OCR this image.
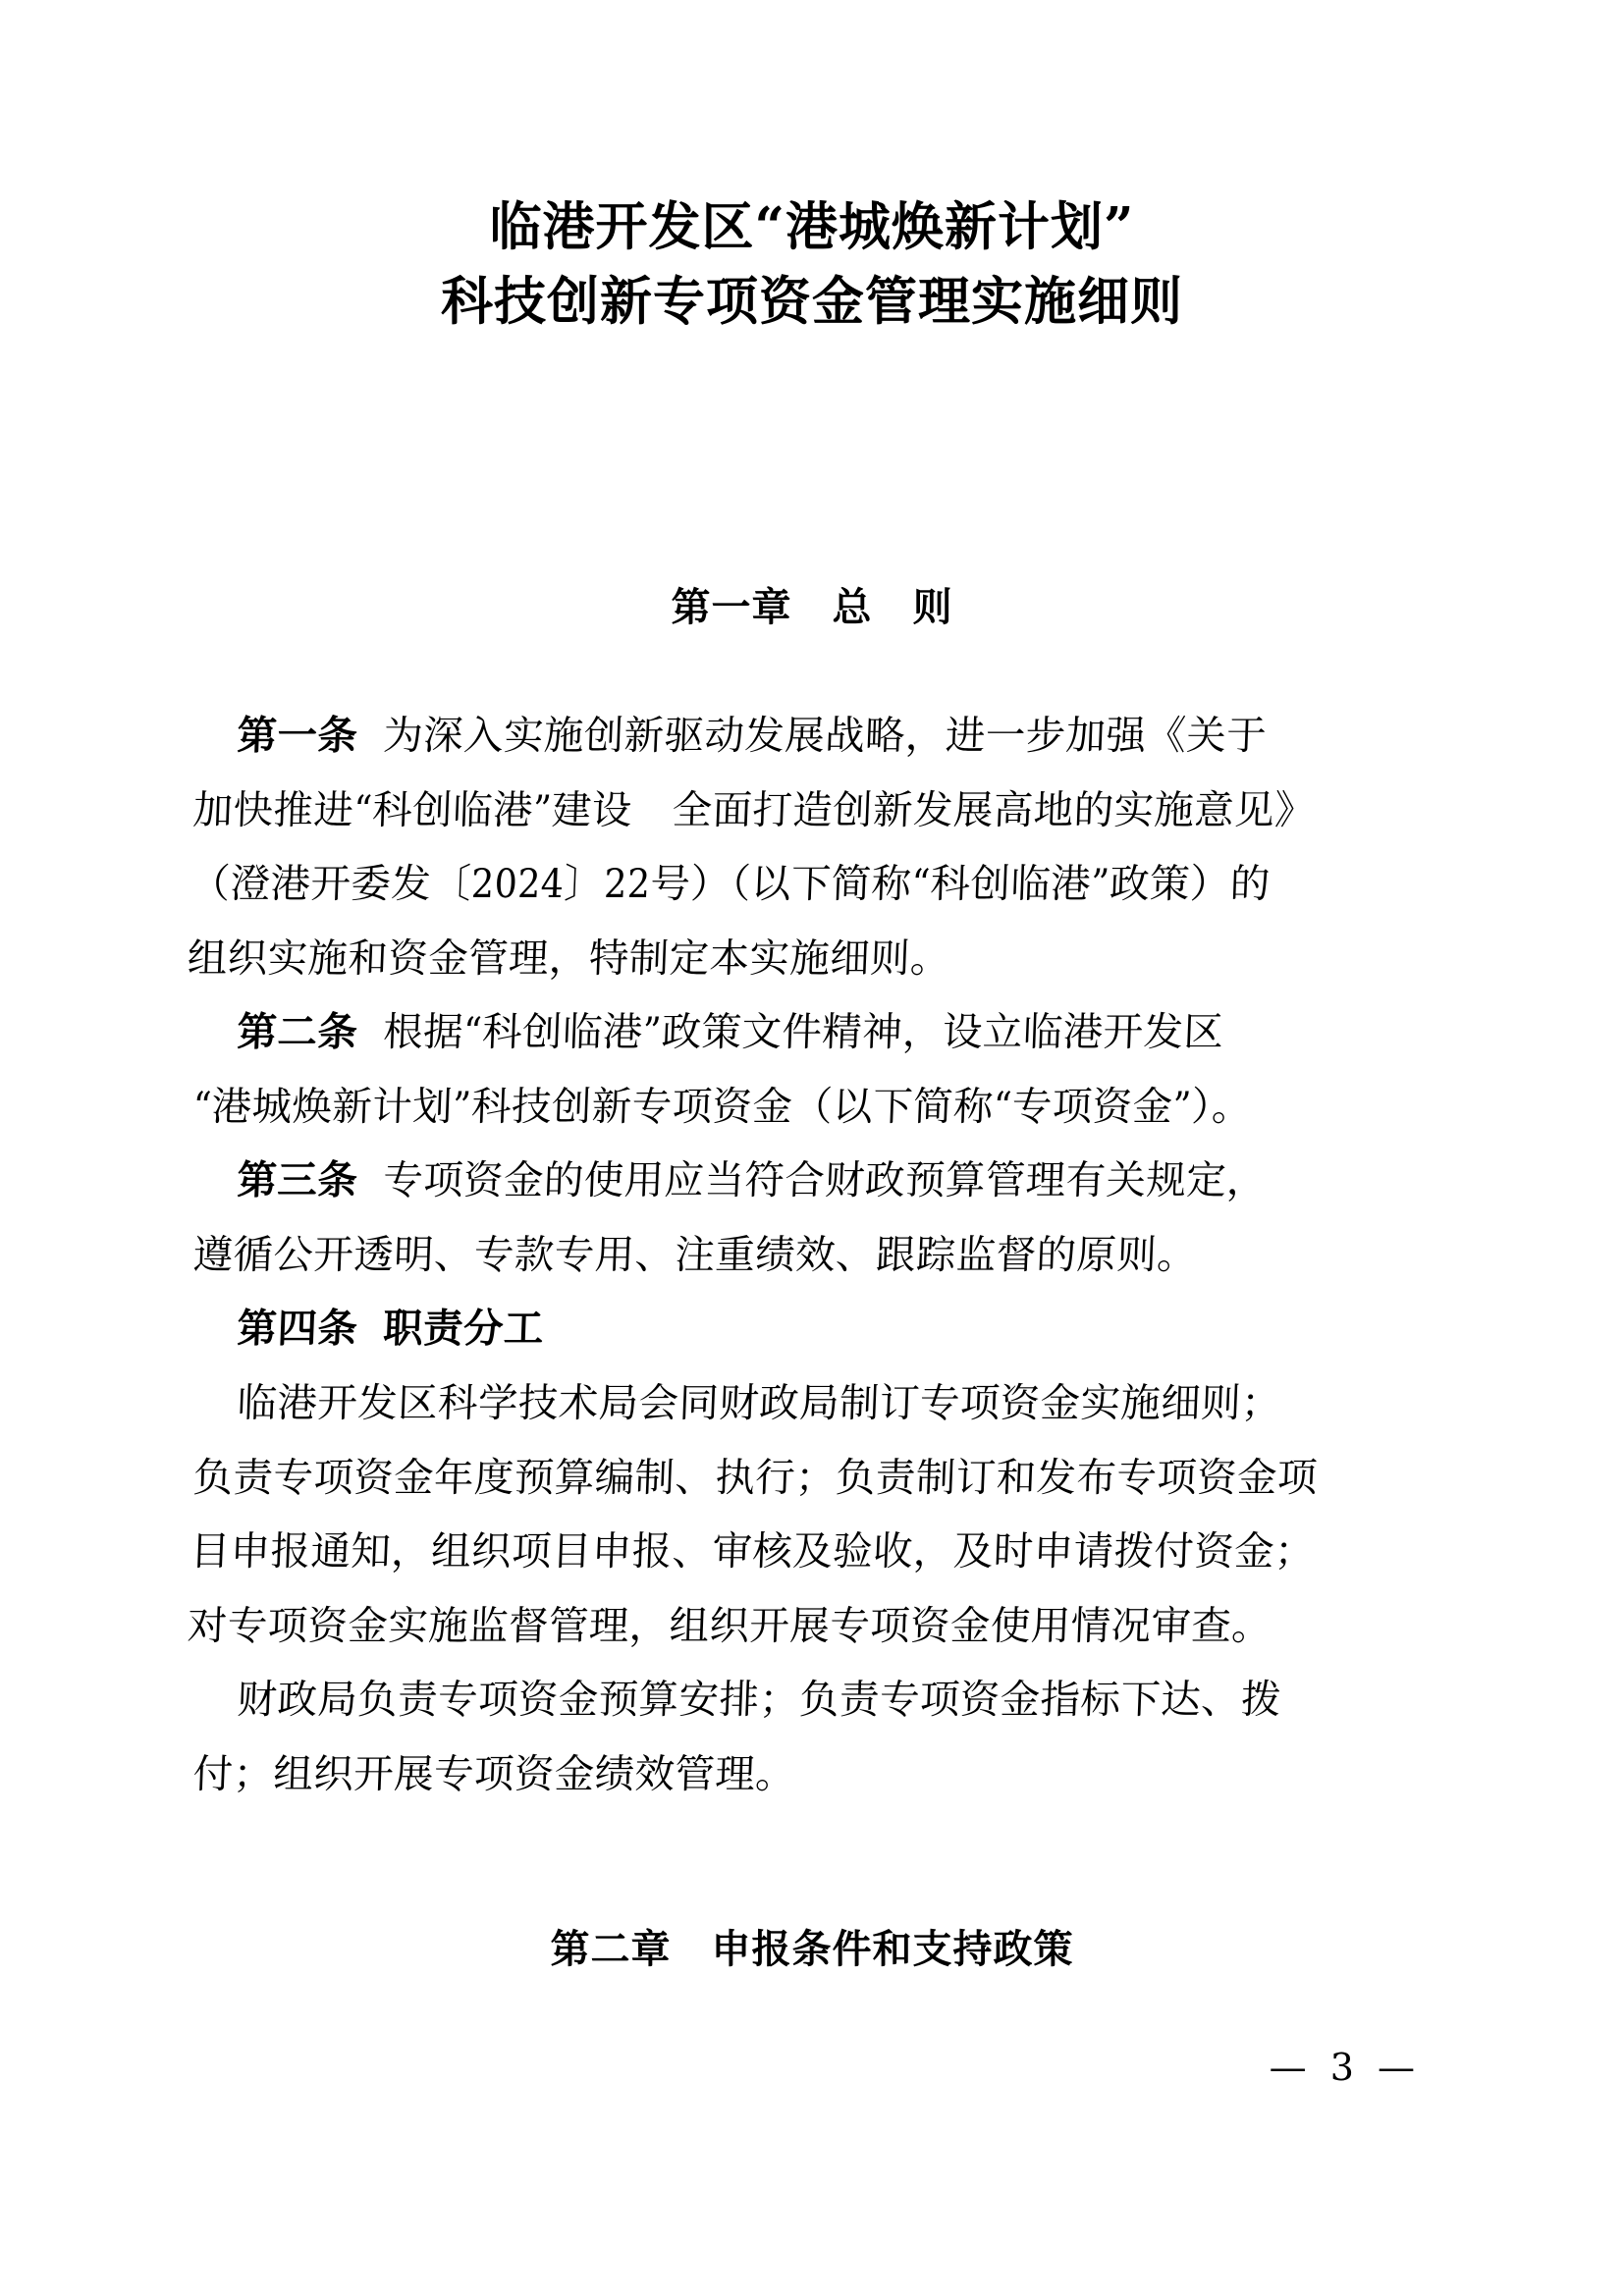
临港开发区“港城焕新计划”
科技创新专项资金管理实施细则
第一章　总　则

第一条 为深入实施创新驱动发展战略，进一步加强《关于
加快推进“科创临港”建设　全面打造创新发展高地的实施意见》
（澄港开委发〔2024〕22号）（以下简称“科创临港”政策）的
组织实施和资金管理，特制定本实施细则。

第二条 根据“科创临港”政策文件精神，设立临港开发区
“港城焕新计划”科技创新专项资金（以下简称“专项资金”）。

第三条 专项资金的使用应当符合财政预算管理有关规定，
遵循公开透明、专款专用、注重绩效、跟踪监督的原则。

第四条 职责分工

临港开发区科学技术局会同财政局制订专项资金实施细则；
负责专项资金年度预算编制、执行；负责制订和发布专项资金项
目申报通知，组织项目申报、审核及验收，及时申请拨付资金；
对专项资金实施监督管理，组织开展专项资金使用情况审查。

财政局负责专项资金预算安排；负责专项资金指标下达、拨
付；组织开展专项资金绩效管理。

第二章　申报条件和支持政策
— 3 —
